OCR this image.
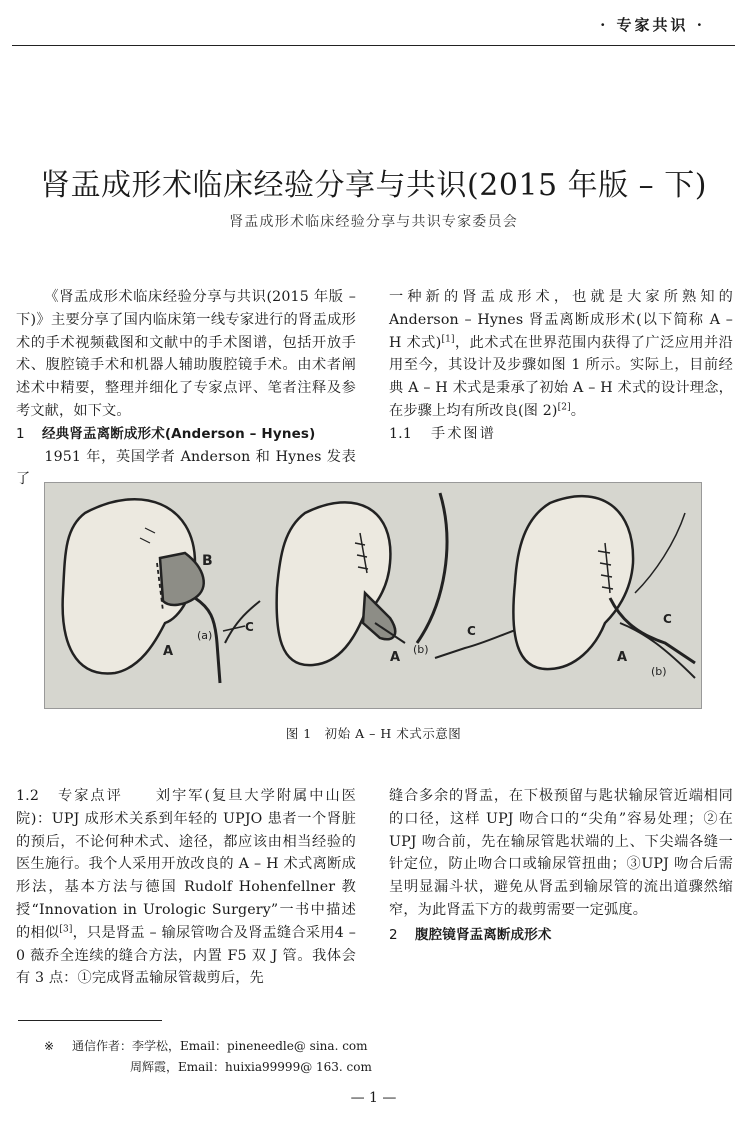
· 专家共识 ·
肾盂成形术临床经验分享与共识(2015 年版 – 下)
肾盂成形术临床经验分享与共识专家委员会

《肾盂成形术临床经验分享与共识(2015 年版 – 下)》主要分享了国内临床第一线专家进行的肾盂成形术的手术视频截图和文献中的手术图谱，包括开放手术、腹腔镜手术和机器人辅助腹腔镜手术。由术者阐述术中精要，整理并细化了专家点评、笔者注释及参考文献，如下文。

1 经典肾盂离断成形术(Anderson – Hynes)

1951 年，英国学者 Anderson 和 Hynes 发表了

一种新的肾盂成形术，也就是大家所熟知的 Anderson – Hynes 肾盂离断成形术(以下简称 A – H 术式)[1]，此术式在世界范围内获得了广泛应用并沿用至今，其设计及步骤如图 1 所示。实际上，目前经典 A – H 术式是秉承了初始 A – H 术式的设计理念，在步骤上均有所改良(图 2)[2]。

1.1 手术图谱

B
A
(a)
C
A
(b)
C
A
C
(b)
图 1　初始 A – H 术式示意图

1.2 专家点评 刘宇军(复旦大学附属中山医院)：UPJ 成形术关系到年轻的 UPJO 患者一个肾脏的预后，不论何种术式、途径，都应该由相当经验的医生施行。我个人采用开放改良的 A – H 术式离断成形法，基本方法与德国 Rudolf Hohenfellner 教授“Innovation in Urologic Surgery”一书中描述的相似[3]，只是肾盂 – 输尿管吻合及肾盂缝合采用4 – 0 薇乔全连续的缝合方法，内置 F5 双 J 管。我体会有 3 点：①完成肾盂输尿管裁剪后，先

缝合多余的肾盂，在下极预留与匙状输尿管近端相同的口径，这样 UPJ 吻合口的“尖角”容易处理；②在 UPJ 吻合前，先在输尿管匙状端的上、下尖端各缝一针定位，防止吻合口或输尿管扭曲；③UPJ 吻合后需呈明显漏斗状，避免从肾盂到输尿管的流出道骤然缩窄，为此肾盂下方的裁剪需要一定弧度。

2 腹腔镜肾盂离断成形术

※ 通信作者：李学松，Email：pineneedle@ sina. com
周辉霞，Email：huixia99999@ 163. com
— 1 —
